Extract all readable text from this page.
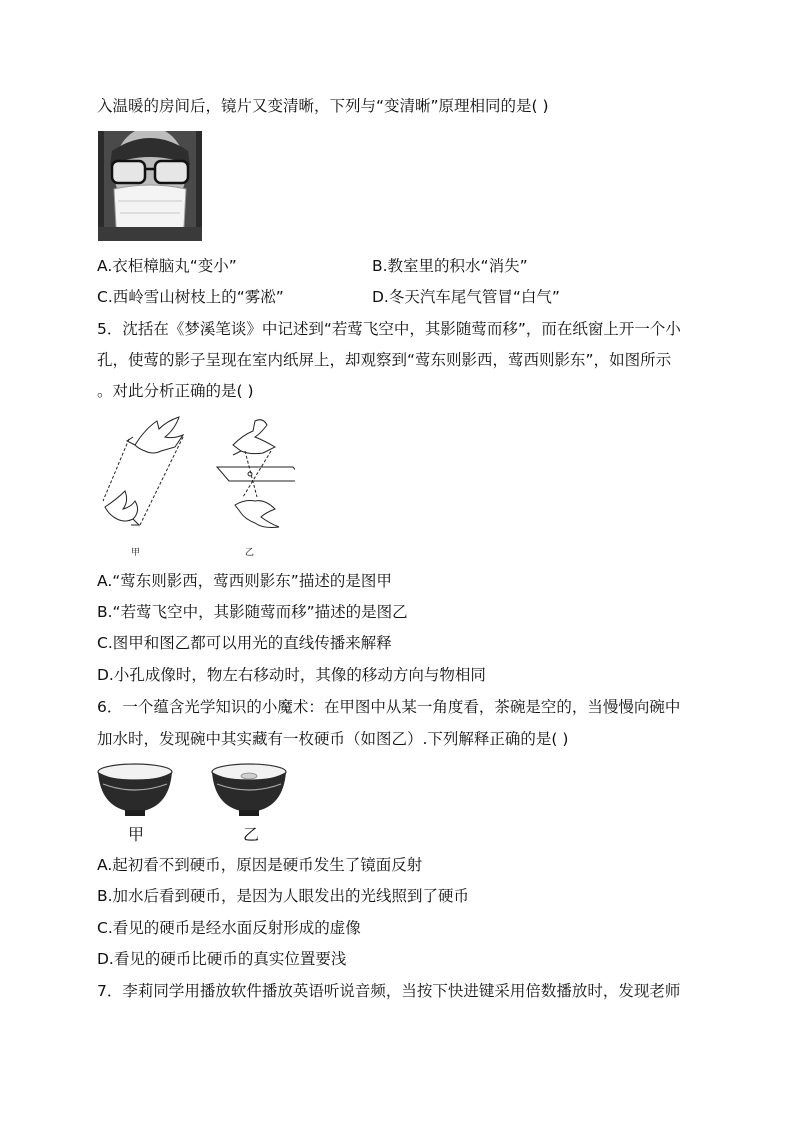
入温暖的房间后，镜片又变清晰，下列与“变清晰”原理相同的是( )
A.衣柜樟脑丸“变小”	B.教室里的积水“消失”
C.西岭雪山树枝上的“雾凇”	D.冬天汽车尾气管冒“白气”
5．沈括在《梦溪笔谈》中记述到“若莺飞空中，其影随莺而移”，而在纸窗上开一个小
孔，使莺的影子呈现在室内纸屏上，却观察到“莺东则影西，莺西则影东”，如图所示
。对此分析正确的是( )
甲	乙
A.“莺东则影西，莺西则影东”描述的是图甲
B.“若莺飞空中，其影随莺而移”描述的是图乙
C.图甲和图乙都可以用光的直线传播来解释
D.小孔成像时，物左右移动时，其像的移动方向与物相同
6．一个蕴含光学知识的小魔术：在甲图中从某一角度看，茶碗是空的，当慢慢向碗中
加水时，发现碗中其实藏有一枚硬币（如图乙）.下列解释正确的是( )
甲	乙
A.起初看不到硬币，原因是硬币发生了镜面反射
B.加水后看到硬币，是因为人眼发出的光线照到了硬币
C.看见的硬币是经水面反射形成的虚像
D.看见的硬币比硬币的真实位置要浅
7．李莉同学用播放软件播放英语听说音频，当按下快进键采用倍数播放时，发现老师
